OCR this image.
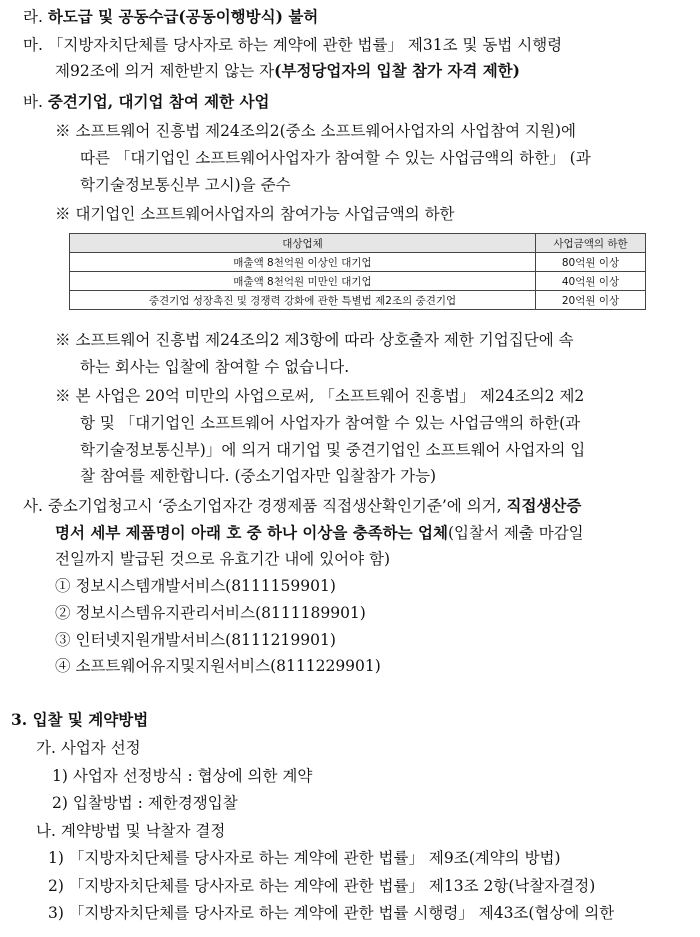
라. 하도급 및 공동수급(공동이행방식) 불허
마. 「지방자치단체를 당사자로 하는 계약에 관한 법률」 제31조 및 동법 시행령
제92조에 의거 제한받지 않는 자(부정당업자의 입찰 참가 자격 제한)
바. 중견기업, 대기업 참여 제한 사업
※ 소프트웨어 진흥법 제24조의2(중소 소프트웨어사업자의 사업참여 지원)에
따른 「대기업인 소프트웨어사업자가 참여할 수 있는 사업금액의 하한」 (과
학기술정보통신부 고시)을 준수
※ 대기업인 소프트웨어사업자의 참여가능 사업금액의 하한
대상업체	사업금액의 하한
매출액 8천억원 이상인 대기업	80억원 이상
매출액 8천억원 미만인 대기업	40억원 이상
중견기업 성장촉진 및 경쟁력 강화에 관한 특별법 제2조의 중견기업	20억원 이상
※ 소프트웨어 진흥법 제24조의2 제3항에 따라 상호출자 제한 기업집단에 속
하는 회사는 입찰에 참여할 수 없습니다.
※ 본 사업은 20억 미만의 사업으로써, 「소프트웨어 진흥법」 제24조의2 제2
항 및 「대기업인 소프트웨어 사업자가 참여할 수 있는 사업금액의 하한(과
학기술정보통신부)」에 의거 대기업 및 중견기업인 소프트웨어 사업자의 입
찰 참여를 제한합니다. (중소기업자만 입찰참가 가능)
사. 중소기업청고시 ‘중소기업자간 경쟁제품 직접생산확인기준’에 의거, 직접생산증
명서 세부 제품명이 아래 호 중 하나 이상을 충족하는 업체(입찰서 제출 마감일
전일까지 발급된 것으로 유효기간 내에 있어야 함)
① 정보시스템개발서비스(8111159901)
② 정보시스템유지관리서비스(8111189901)
③ 인터넷지원개발서비스(8111219901)
④ 소프트웨어유지및지원서비스(8111229901)
3. 입찰 및 계약방법
가. 사업자 선정
1) 사업자 선정방식 : 협상에 의한 계약
2) 입찰방법 : 제한경쟁입찰
나. 계약방법 및 낙찰자 결정
1) 「지방자치단체를 당사자로 하는 계약에 관한 법률」 제9조(계약의 방법)
2) 「지방자치단체를 당사자로 하는 계약에 관한 법률」 제13조 2항(낙찰자결정)
3) 「지방자치단체를 당사자로 하는 계약에 관한 법률 시행령」 제43조(협상에 의한
